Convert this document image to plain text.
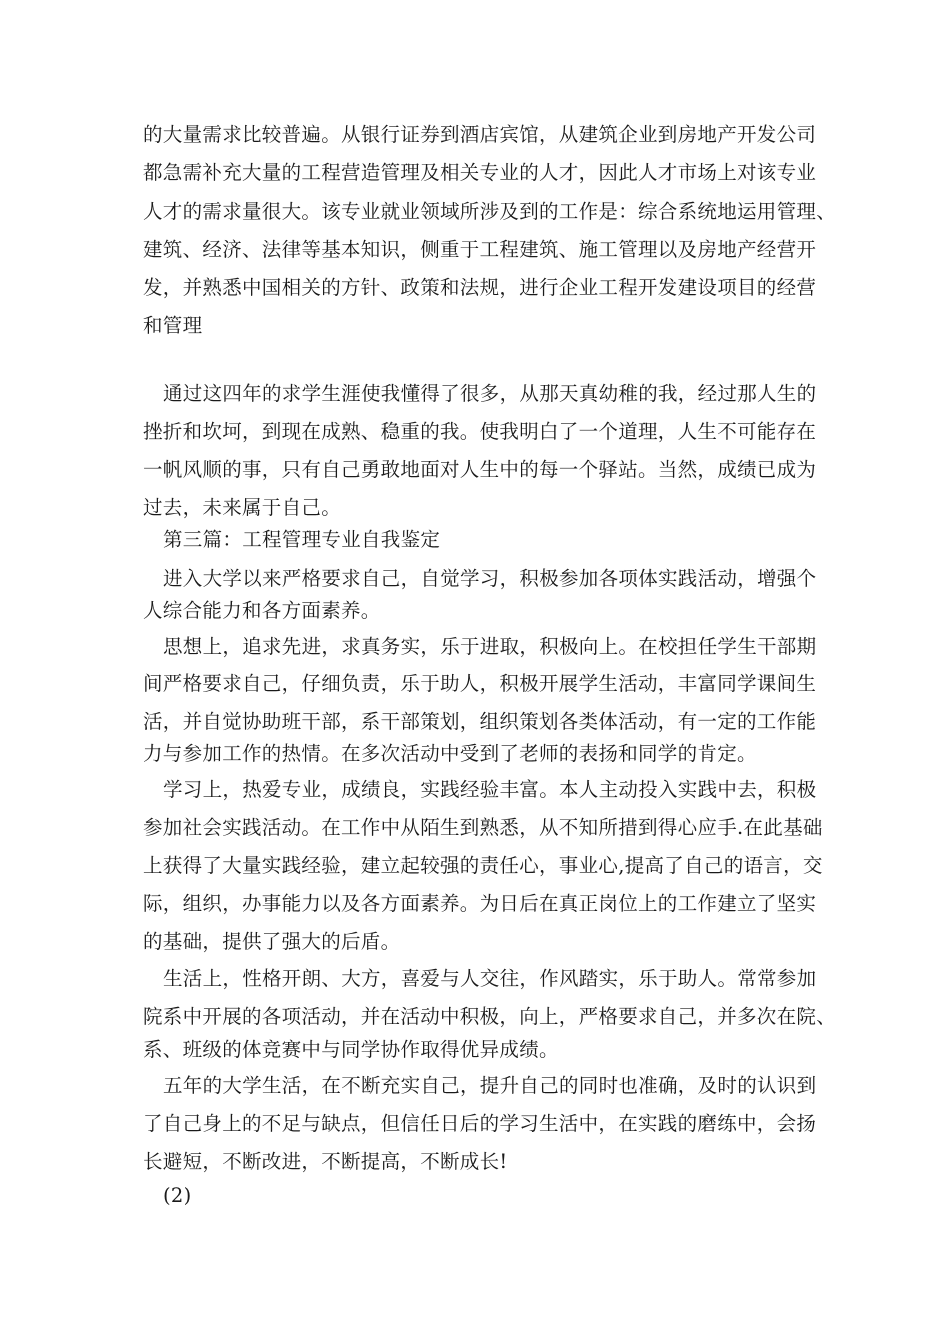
的大量需求比较普遍。从银行证券到酒店宾馆，从建筑企业到房地产开发公司
都急需补充大量的工程营造管理及相关专业的人才，因此人才市场上对该专业
人才的需求量很大。该专业就业领域所涉及到的工作是：综合系统地运用管理、
建筑、经济、法律等基本知识，侧重于工程建筑、施工管理以及房地产经营开
发，并熟悉中国相关的方针、政策和法规，进行企业工程开发建设项目的经营
和管理
通过这四年的求学生涯使我懂得了很多，从那天真幼稚的我，经过那人生的
挫折和坎坷，到现在成熟、稳重的我。使我明白了一个道理，人生不可能存在
一帆风顺的事，只有自己勇敢地面对人生中的每一个驿站。当然，成绩已成为
过去，未来属于自己。
第三篇：工程管理专业自我鉴定
进入大学以来严格要求自己，自觉学习，积极参加各项体实践活动，增强个
人综合能力和各方面素养。
思想上，追求先进，求真务实，乐于进取，积极向上。在校担任学生干部期
间严格要求自己，仔细负责，乐于助人，积极开展学生活动，丰富同学课间生
活，并自觉协助班干部，系干部策划，组织策划各类体活动，有一定的工作能
力与参加工作的热情。在多次活动中受到了老师的表扬和同学的肯定。
学习上，热爱专业，成绩良，实践经验丰富。本人主动投入实践中去，积极
参加社会实践活动。在工作中从陌生到熟悉，从不知所措到得心应手.在此基础
上获得了大量实践经验，建立起较强的责任心，事业心,提高了自己的语言，交
际，组织，办事能力以及各方面素养。为日后在真正岗位上的工作建立了坚实
的基础，提供了强大的后盾。
生活上，性格开朗、大方，喜爱与人交往，作风踏实，乐于助人。常常参加
院系中开展的各项活动，并在活动中积极，向上，严格要求自己，并多次在院、
系、班级的体竞赛中与同学协作取得优异成绩。
五年的大学生活，在不断充实自己，提升自己的同时也准确，及时的认识到
了自己身上的不足与缺点，但信任日后的学习生活中，在实践的磨练中，会扬
长避短，不断改进，不断提高，不断成长!
(2)
